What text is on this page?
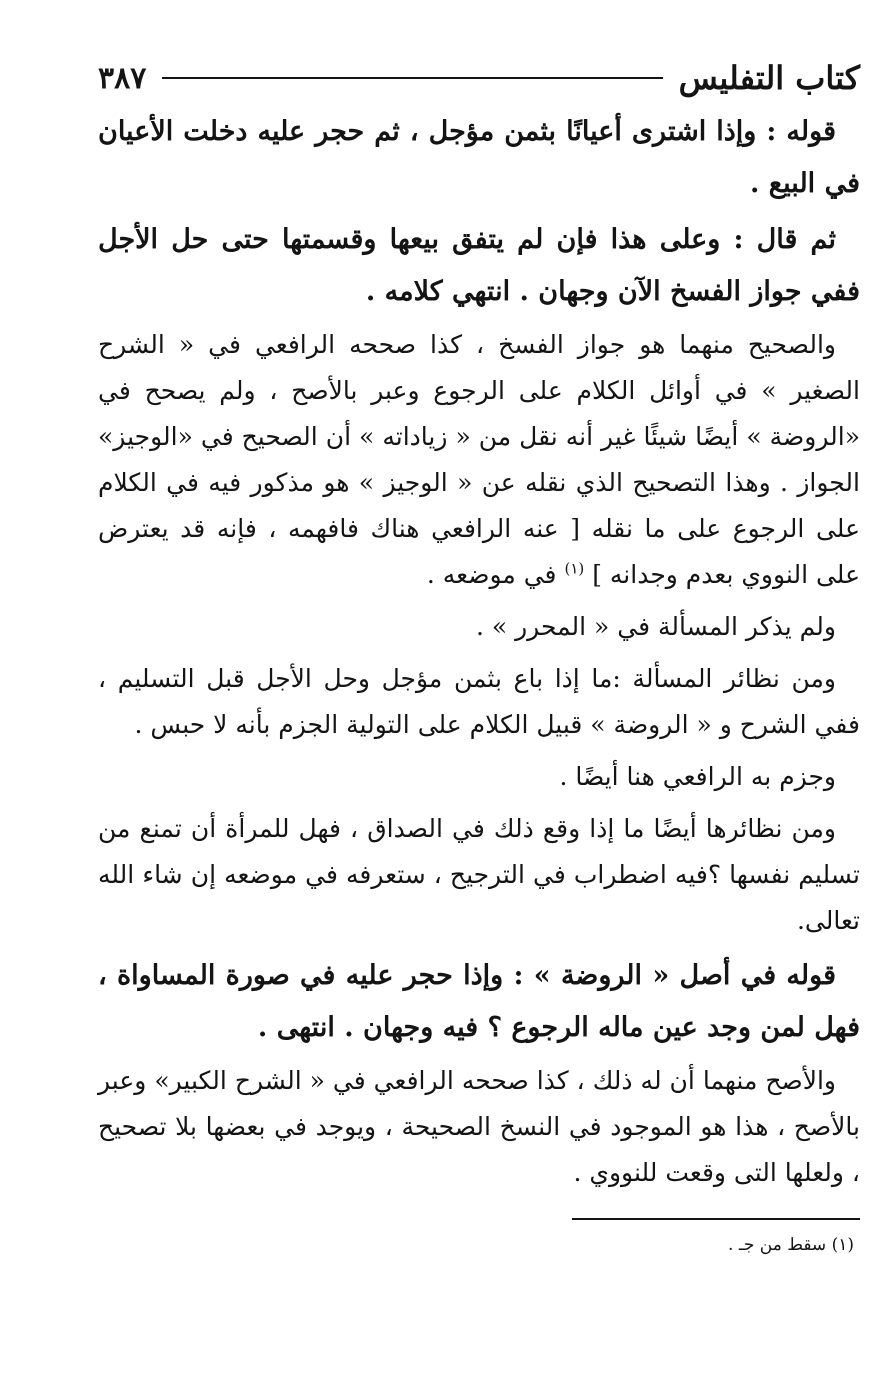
كتاب التفليس
٣٨٧

قوله : وإذا اشترى أعيانًا بثمن مؤجل ، ثم حجر عليه دخلت الأعيان في البيع .

ثم قال : وعلى هذا فإن لم يتفق بيعها وقسمتها حتى حل الأجل ففي جواز الفسخ الآن وجهان . انتهي كلامه .

والصحيح منهما هو جواز الفسخ ، كذا صححه الرافعي في « الشرح الصغير » في أوائل الكلام على الرجوع وعبر بالأصح ، ولم يصحح في «الروضة » أيضًا شيئًا غير أنه نقل من « زياداته » أن الصحيح في «الوجيز» الجواز . وهذا التصحيح الذي نقله عن « الوجيز » هو مذكور فيه في الكلام على الرجوع على ما نقله [ عنه الرافعي هناك فافهمه ، فإنه قد يعترض على النووي بعدم وجدانه ] $^{(١)}$ في موضعه .

ولم يذكر المسألة في « المحرر » .

ومن نظائر المسألة :ما إذا باع بثمن مؤجل وحل الأجل قبل التسليم ، ففي الشرح و « الروضة » قبيل الكلام على التولية الجزم بأنه لا حبس .

وجزم به الرافعي هنا أيضًا .

ومن نظائرها أيضًا ما إذا وقع ذلك في الصداق ، فهل للمرأة أن تمنع من تسليم نفسها ؟فيه اضطراب في الترجيح ، ستعرفه في موضعه إن شاء الله تعالى.

قوله في أصل « الروضة » : وإذا حجر عليه في صورة المساواة ، فهل لمن وجد عين ماله الرجوع ؟ فيه وجهان . انتهى .

والأصح منهما أن له ذلك ، كذا صححه الرافعي في « الشرح الكبير» وعبر بالأصح ، هذا هو الموجود في النسخ الصحيحة ، ويوجد في بعضها بلا تصحيح ، ولعلها التى وقعت للنووي .

(١) سقط من جـ .
